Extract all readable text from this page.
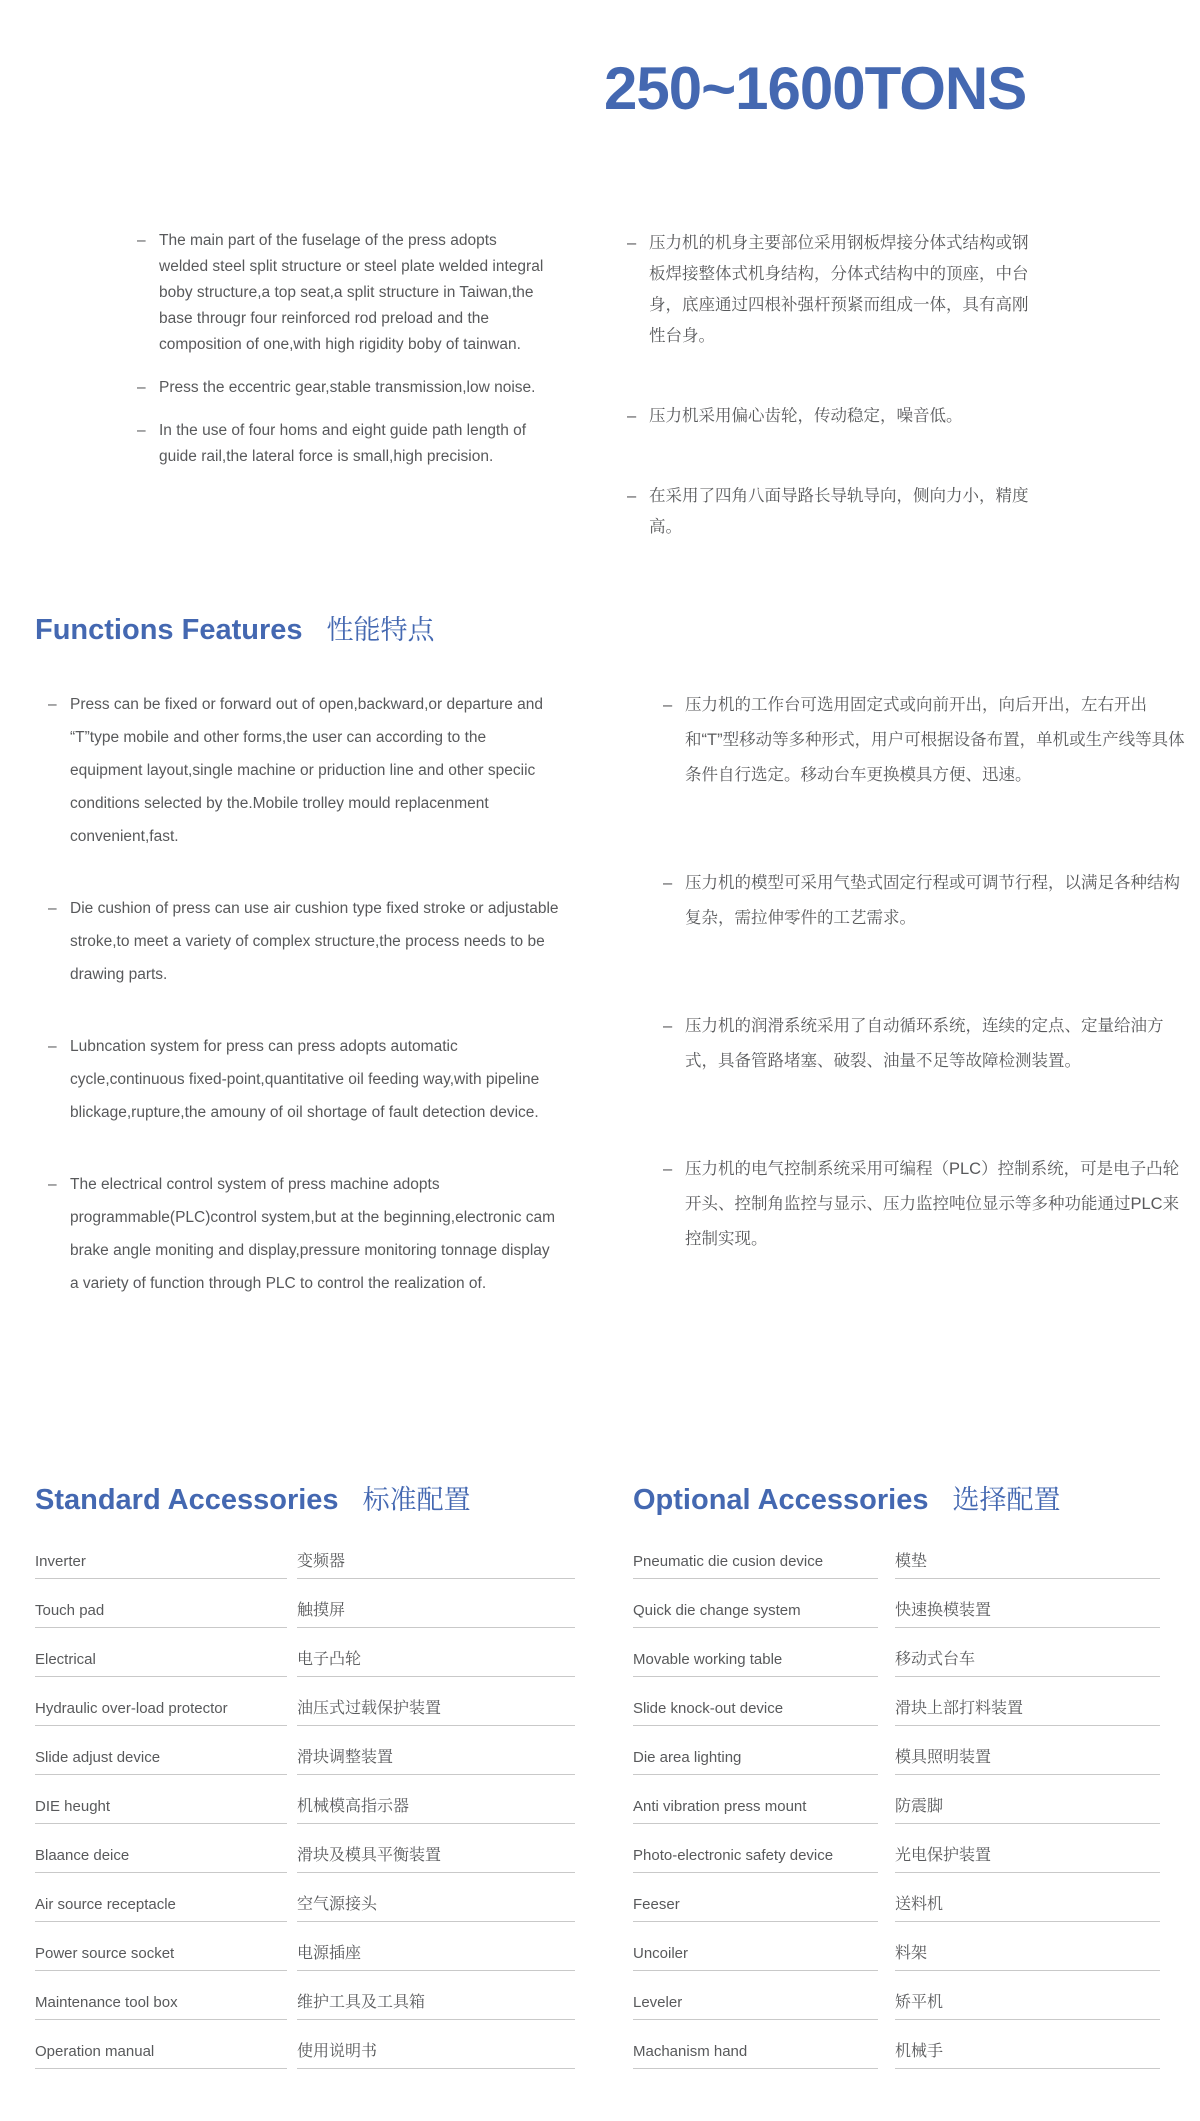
250~1600TONS
– The main part of the fuselage of the press adopts welded steel split structure or steel plate welded integral boby structure,a top seat,a split structure in Taiwan,the base througr four reinforced rod preload and the composition of one,with high rigidity boby of tainwan.

– Press the eccentric gear,stable transmission,low noise.

– In the use of four homs and eight guide path length of guide rail,the lateral force is small,high precision.

– 压力机的机身主要部位采用钢板焊接分体式结构或钢板焊接整体式机身结构，分体式结构中的顶座，中台身，底座通过四根补强杆预紧而组成一体，具有高刚性台身。

– 压力机采用偏心齿轮，传动稳定，噪音低。

– 在采用了四角八面导路长导轨导向，侧向力小，精度高。

Functions Features 性能特点
– Press can be fixed or forward out of open,backward,or departure and “T”type mobile and other forms,the user can according to the equipment layout,single machine or priduction line and other speciic conditions selected by the.Mobile trolley mould replacenment convenient,fast.

– Die cushion of press can use air cushion type fixed stroke or adjustable stroke,to meet a variety of complex structure,the process needs to be drawing parts.

– Lubncation system for press can press adopts automatic cycle,continuous fixed-point,quantitative oil feeding way,with pipeline blickage,rupture,the amouny of oil shortage of fault detection device.

– The electrical control system of press machine adopts programmable(PLC)control system,but at the beginning,electronic cam brake angle moniting and display,pressure monitoring tonnage display a variety of function through PLC to control the realization of.

– 压力机的工作台可选用固定式或向前开出，向后开出，左右开出和“T”型移动等多种形式，用户可根据设备布置，单机或生产线等具体条件自行选定。移动台车更换模具方便、迅速。

– 压力机的模型可采用气垫式固定行程或可调节行程，以满足各种结构复杂，需拉伸零件的工艺需求。

– 压力机的润滑系统采用了自动循环系统，连续的定点、定量给油方式，具备管路堵塞、破裂、油量不足等故障检测装置。

– 压力机的电气控制系统采用可编程（PLC）控制系统，可是电子凸轮开头、控制角监控与显示、压力监控吨位显示等多种功能通过PLC来控制实现。

Standard Accessories 标准配置	Optional Accessories 选择配置
Inverter	变频器
Touch pad	触摸屏
Electrical	电子凸轮
Hydraulic over-load protector	油压式过载保护装置
Slide adjust device	滑块调整装置
DIE heught	机械模高指示器
Blaance deice	滑块及模具平衡装置
Air source receptacle	空气源接头
Power source socket	电源插座
Maintenance tool box	维护工具及工具箱
Operation manual	使用说明书
Pneumatic die cusion device	模垫
Quick die change system	快速换模装置
Movable working table	移动式台车
Slide knock-out device	滑块上部打料装置
Die area lighting	模具照明装置
Anti vibration press mount	防震脚
Photo-electronic safety device	光电保护装置
Feeser	送料机
Uncoiler	料架
Leveler	矫平机
Machanism hand	机械手
